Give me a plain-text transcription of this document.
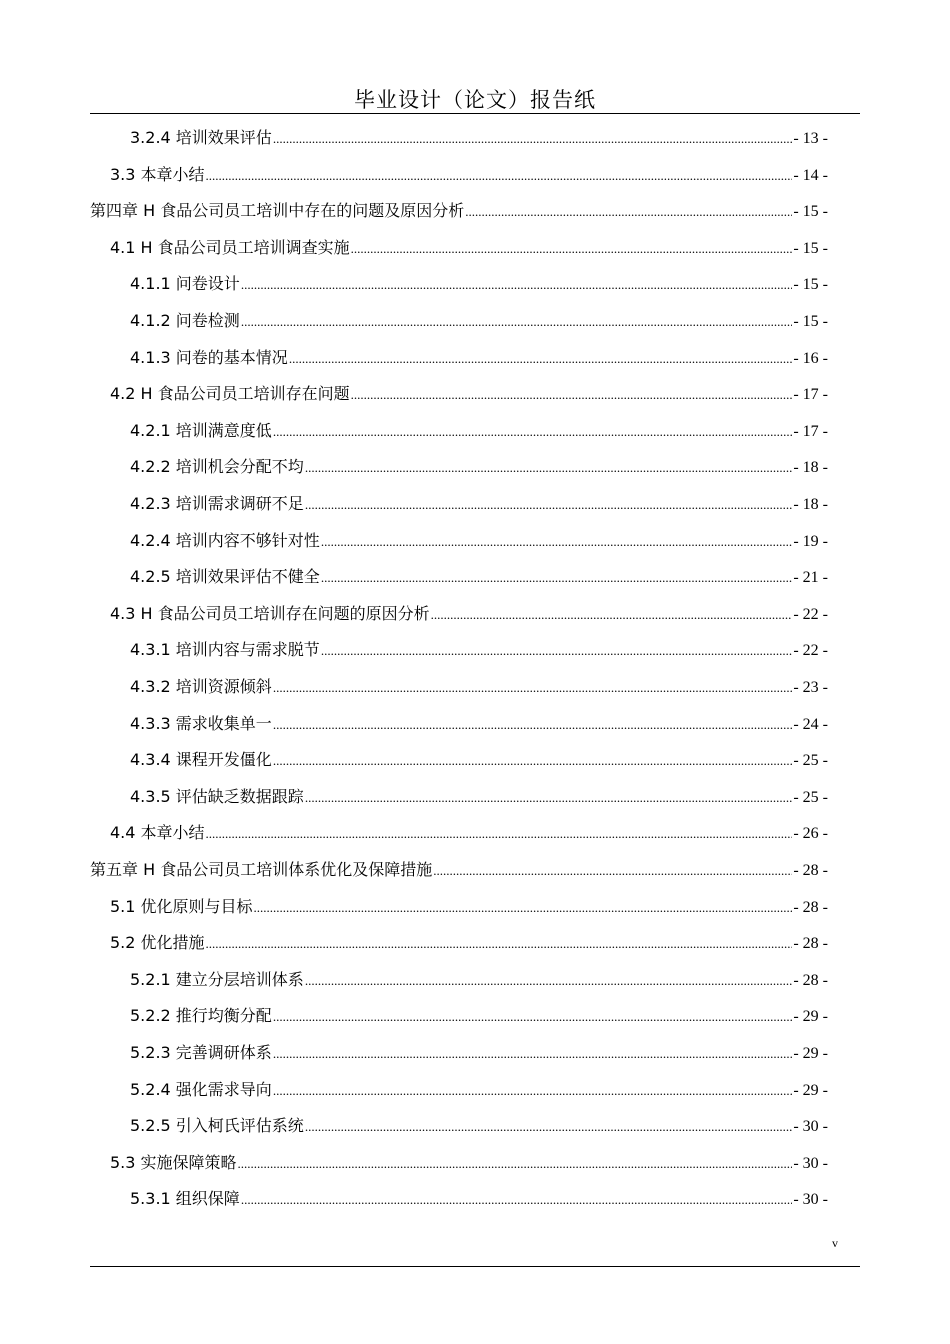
毕业设计（论文）报告纸
3.2.4 培训效果评估 .....	- 13 -
3.3 本章小结 .....	- 14 -
第四章 H 食品公司员工培训中存在的问题及原因分析 .....	- 15 -
4.1 H 食品公司员工培训调查实施 .....	- 15 -
4.1.1 问卷设计 .....	- 15 -
4.1.2 问卷检测 .....	- 15 -
4.1.3 问卷的基本情况 .....	- 16 -
4.2 H 食品公司员工培训存在问题 .....	- 17 -
4.2.1 培训满意度低 .....	- 17 -
4.2.2 培训机会分配不均 .....	- 18 -
4.2.3 培训需求调研不足 .....	- 18 -
4.2.4 培训内容不够针对性 .....	- 19 -
4.2.5 培训效果评估不健全 .....	- 21 -
4.3 H 食品公司员工培训存在问题的原因分析 .....	- 22 -
4.3.1 培训内容与需求脱节 .....	- 22 -
4.3.2 培训资源倾斜 .....	- 23 -
4.3.3 需求收集单一 .....	- 24 -
4.3.4 课程开发僵化 .....	- 25 -
4.3.5 评估缺乏数据跟踪 .....	- 25 -
4.4 本章小结 .....	- 26 -
第五章 H 食品公司员工培训体系优化及保障措施 .....	- 28 -
5.1 优化原则与目标 .....	- 28 -
5.2 优化措施 .....	- 28 -
5.2.1 建立分层培训体系 .....	- 28 -
5.2.2 推行均衡分配 .....	- 29 -
5.2.3 完善调研体系 .....	- 29 -
5.2.4 强化需求导向 .....	- 29 -
5.2.5 引入柯氏评估系统 .....	- 30 -
5.3 实施保障策略 .....	- 30 -
5.3.1 组织保障 .....	- 30 -
v
